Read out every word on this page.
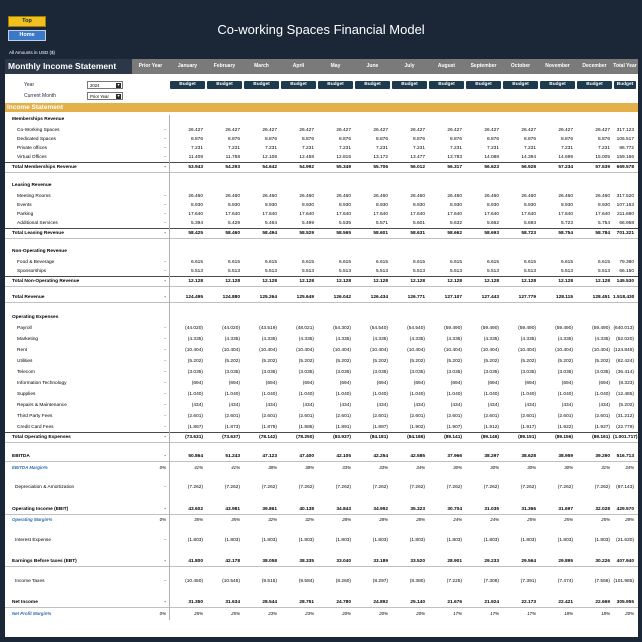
Top
Home	Co-working Spaces Financial Model
All Amounts in USD ($)
Monthly Income Statement	Prior Year	January	February	March	April	May	June	July	August	September	October	November	December	Total Year
Year	2024	▼	Budget	Budget	Budget	Budget	Budget	Budget	Budget	Budget	Budget	Budget	Budget	Budget	Budget
Current Month	Prior Year ▼
Income Statement
Memberships Revenue
Co-Working Spaces	-	26.427	26.427	26.427	26.427	26.427	26.427	26.427	26.427	26.427	26.427	26.427	26.427	317.123
Dedicated Spaces	-	8.876	8.876	8.876	8.876	8.876	8.876	8.876	8.876	8.876	8.876	8.876	8.876	106.517
Private offices	-	7.231	7.231	7.231	7.231	7.231	7.231	7.231	7.231	7.231	7.231	7.231	7.231	86.772
Virtual Offices	-	11.409	11.758	12.108	12.458	12.815	13.172	13.477	13.783	14.088	14.394	14.699	15.005	159.166
Total Memberships Revenue	-	53.943	54.293	54.642	54.992	55.349	55.706	56.012	56.317	56.623	56.928	57.234	57.539	669.578
Leasing Revenue
Meeting Rooms	-	26.460	26.460	26.460	26.460	26.460	26.460	26.460	26.460	26.460	26.460	26.460	26.460	317.520
Events	-	8.930	8.930	8.930	8.930	8.930	8.930	8.930	8.930	8.930	8.930	8.930	8.930	107.163
Parking	-	17.640	17.640	17.640	17.640	17.640	17.640	17.640	17.640	17.640	17.640	17.640	17.640	211.680
Additional Services	-	5.394	5.429	5.464	5.499	5.535	5.571	5.601	5.632	5.662	5.693	5.723	5.754	66.958
Total Leasing Revenue	-	58.425	58.460	58.494	58.529	58.565	58.601	58.631	58.662	58.693	58.723	58.754	58.784	701.321
Non-Operating Revenue
Food & Beverage	-	6.615	6.615	6.615	6.615	6.615	6.615	6.615	6.615	6.615	6.615	6.615	6.615	79.380
Sponsorships	-	5.513	5.513	5.513	5.513	5.513	5.513	5.513	5.513	5.513	5.513	5.513	5.513	66.150
Total Non-Operating Revenue	-	12.128	12.128	12.128	12.128	12.128	12.128	12.128	12.128	12.128	12.128	12.128	12.128	145.530
Total Revenue	-	124.495	124.880	125.264	125.649	126.042	126.434	126.771	127.107	127.443	127.779	128.115	128.451 1.518.430
Operating Expenses
Payroll	-	(44.020)	(44.020)	(43.519)	(48.021)	(54.302)	(54.540)	(54.540)	(59.490)	(59.490)	(59.490)	(59.490)	(59.490) (640.013)
Marketing	-	(4.335)	(4.335)	(4.335)	(4.335)	(4.335)	(4.335)	(4.335)	(4.335)	(4.335)	(4.335)	(4.335)	(4.335)	(52.020)
Rent	-	(10.404)	(10.404)	(10.404)	(10.404)	(10.404)	(10.404)	(10.404)	(10.404)	(10.404)	(10.404)	(10.404)	(10.404) (124.848)
Utilities	-	(5.202)	(5.202)	(5.202)	(5.202)	(5.202)	(5.202)	(5.202)	(5.202)	(5.202)	(5.202)	(5.202)	(5.202)	(62.424)
Telecom	-	(3.035)	(3.035)	(3.035)	(3.035)	(3.035)	(3.035)	(3.035)	(3.035)	(3.035)	(3.035)	(3.035)	(3.035)	(36.414)
Information Technology	-	(694)	(694)	(694)	(694)	(694)	(694)	(694)	(694)	(694)	(694)	(694)	(694)	(8.323)
Supplies	-	(1.040)	(1.040)	(1.040)	(1.040)	(1.040)	(1.040)	(1.040)	(1.040)	(1.040)	(1.040)	(1.040)	(1.040)	(12.485)
Repairs & Maintenance	-	(434)	(434)	(434)	(434)	(434)	(434)	(434)	(434)	(434)	(434)	(434)	(434)	(5.202)
Third Party Fees	-	(2.601)	(2.601)	(2.601)	(2.601)	(2.601)	(2.601)	(2.601)	(2.601)	(2.601)	(2.601)	(2.601)	(2.601)	(31.212)
Credit Card Fees	-	(1.867)	(1.873)	(1.879)	(1.885)	(1.891)	(1.897)	(1.902)	(1.907)	(1.912)	(1.917)	(1.922)	(1.927)	(22.779)
Total Operating Expenses	-	(73.631)	(73.637)	(78.142)	(78.250)	(83.937)	(84.181)	(84.186)	(89.141)	(89.146)	(89.151)	(89.156)	(89.161) (1.001.717)
EBITDA	-	50.864	51.243	47.123	47.400	42.105	42.254	42.585	37.966	38.297	38.628	38.959	39.290	516.713
EBITDA Margin%	0%	41%	41%	38%	38%	33%	33%	34%	30%	30%	30%	30%	31%	34%
Depreciation & Amortization	-	(7.262)	(7.262)	(7.262)	(7.262)	(7.262)	(7.262)	(7.262)	(7.262)	(7.262)	(7.262)	(7.262)	(7.262)	(87.143)
Operating Income (EBIT)	-	43.602	43.981	39.861	40.138	34.843	34.992	35.323	30.704	31.035	31.366	31.697	32.028	429.570
Operating Margin%	0%	35%	35%	32%	32%	28%	28%	28%	24%	24%	25%	25%	25%	28%
Interest Expense	-	(1.803)	(1.803)	(1.803)	(1.803)	(1.803)	(1.803)	(1.803)	(1.803)	(1.803)	(1.803)	(1.803)	(1.803)	(21.630)
Earnings Before taxes (EBT)	-	41.800	42.178	38.058	38.335	33.040	33.189	33.520	28.901	29.233	29.564	29.895	30.226	407.940
Income Taxes	-	(10.450)	(10.545)	(9.515)	(9.584)	(8.260)	(8.297)	(8.380)	(7.225)	(7.308)	(7.391)	(7.474)	(7.556) (101.985)
Net Income	-	31.350	31.634	28.544	28.751	24.780	24.892	25.140	21.676	21.924	22.173	22.421	22.669	305.955
Net Profit Margin%	0%	25%	25%	23%	23%	20%	20%	20%	17%	17%	17%	18%	18%	20%
